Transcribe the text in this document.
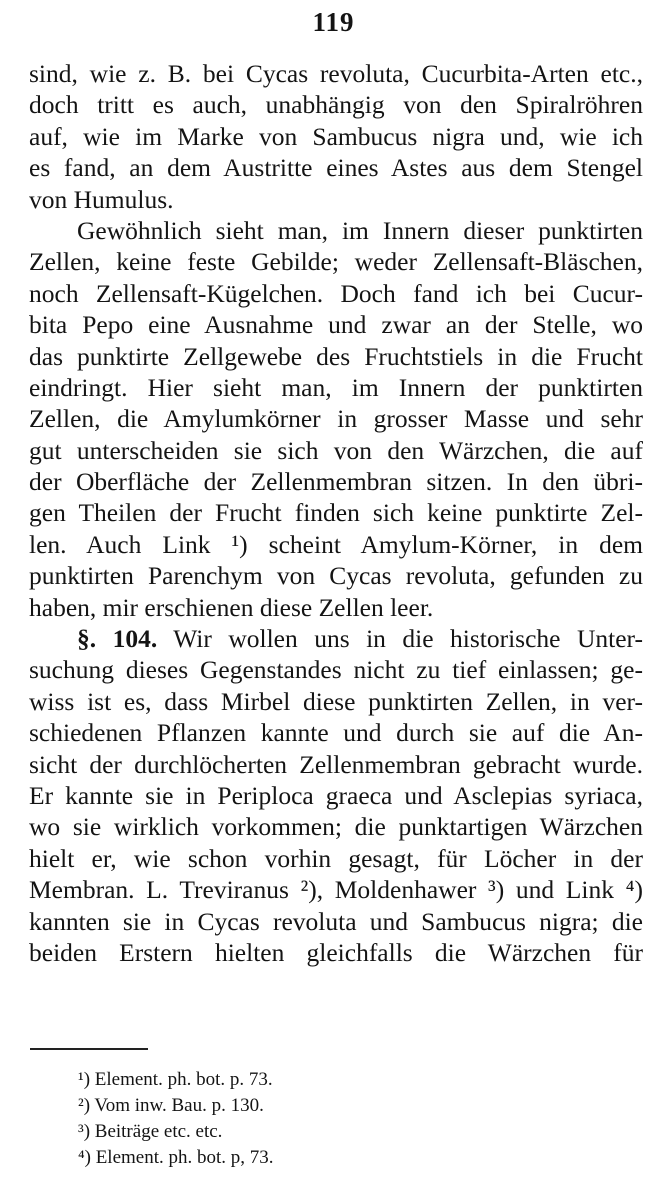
119
sind, wie z. B. bei Cycas revoluta, Cucurbita-Arten etc.,
doch tritt es auch, unabhängig von den Spiralröhren
auf, wie im Marke von Sambucus nigra und, wie ich
es fand, an dem Austritte eines Astes aus dem Stengel
von Humulus.
Gewöhnlich sieht man, im Innern dieser punktirten
Zellen, keine feste Gebilde; weder Zellensaft-Bläschen,
noch Zellensaft-Kügelchen. Doch fand ich bei Cucur-
bita Pepo eine Ausnahme und zwar an der Stelle, wo
das punktirte Zellgewebe des Fruchtstiels in die Frucht
eindringt. Hier sieht man, im Innern der punktirten
Zellen, die Amylumkörner in grosser Masse und sehr
gut unterscheiden sie sich von den Wärzchen, die auf
der Oberfläche der Zellenmembran sitzen. In den übri-
gen Theilen der Frucht finden sich keine punktirte Zel-
len. Auch Link ¹) scheint Amylum-Körner, in dem
punktirten Parenchym von Cycas revoluta, gefunden zu
haben, mir erschienen diese Zellen leer.
§. 104. Wir wollen uns in die historische Unter-
suchung dieses Gegenstandes nicht zu tief einlassen; ge-
wiss ist es, dass Mirbel diese punktirten Zellen, in ver-
schiedenen Pflanzen kannte und durch sie auf die An-
sicht der durchlöcherten Zellenmembran gebracht wurde.
Er kannte sie in Periploca graeca und Asclepias syriaca,
wo sie wirklich vorkommen; die punktartigen Wärzchen
hielt er, wie schon vorhin gesagt, für Löcher in der
Membran. L. Treviranus ²), Moldenhawer ³) und Link ⁴)
kannten sie in Cycas revoluta und Sambucus nigra; die
beiden Erstern hielten gleichfalls die Wärzchen für
¹) Element. ph. bot. p. 73.
²) Vom inw. Bau. p. 130.
³) Beiträge etc. etc.
⁴) Element. ph. bot. p, 73.
